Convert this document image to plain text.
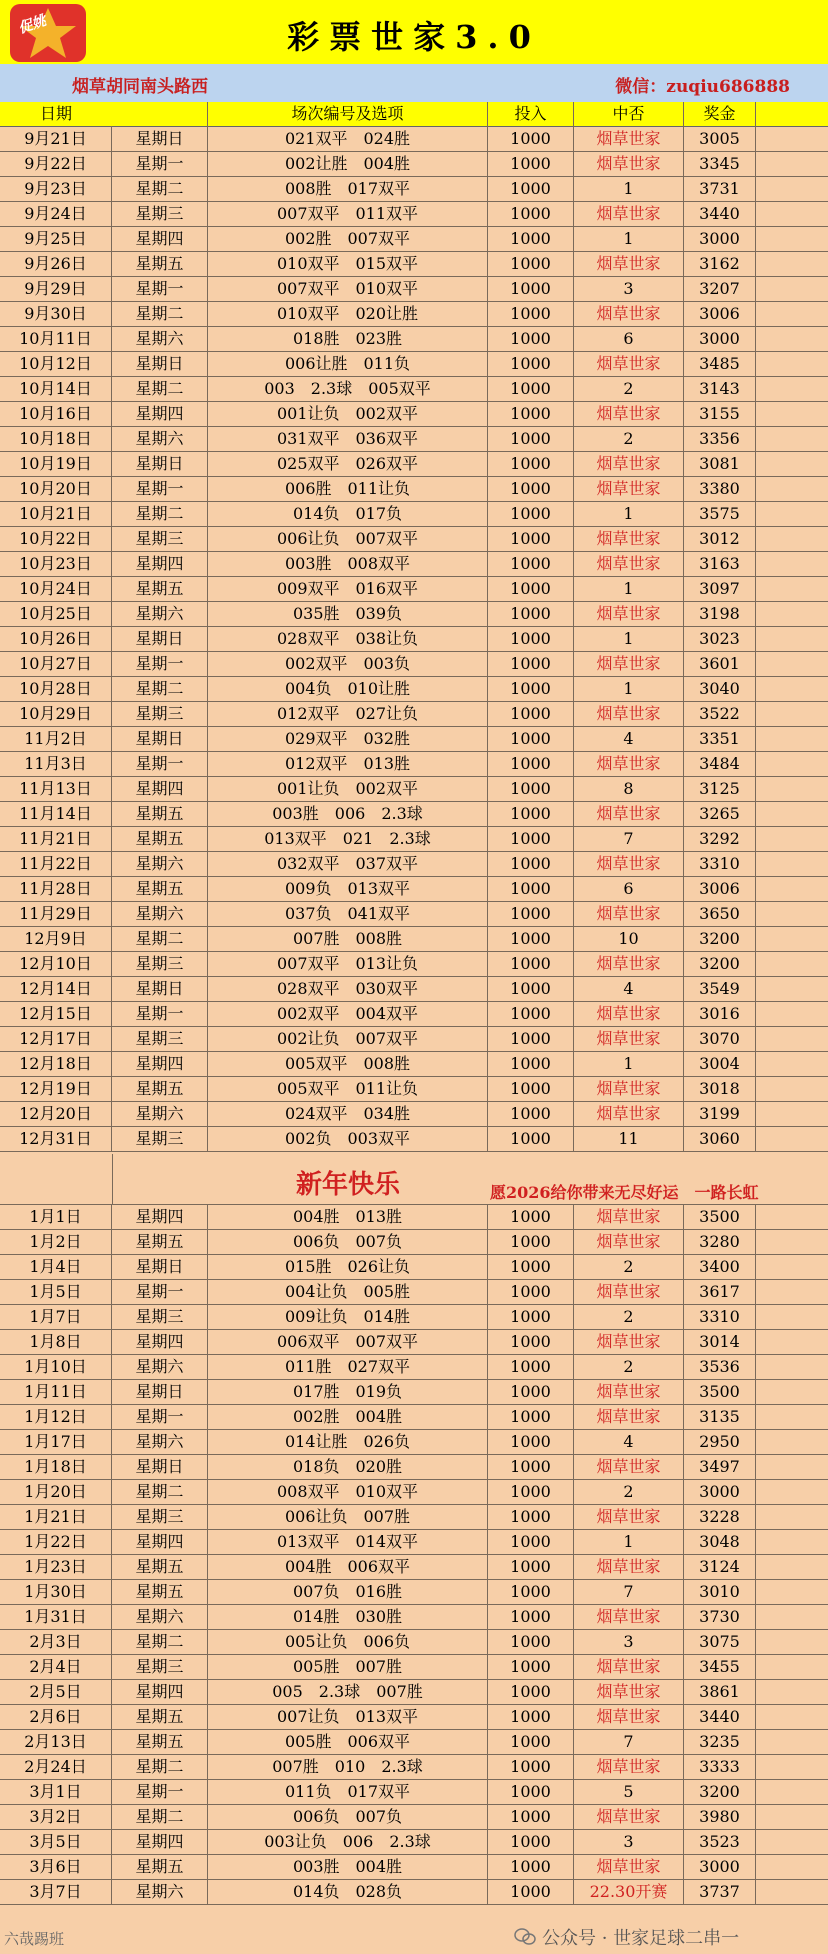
促姚	彩票世家3.0
烟草胡同南头路西	微信：zuqiu686888
日期	场次编号及选项	投入	中否	奖金
9月21日	星期日	021双平　024胜	1000	烟草世家	3005
9月22日	星期一	002让胜　004胜	1000	烟草世家	3345
9月23日	星期二	008胜　017双平	1000	1	3731
9月24日	星期三	007双平　011双平	1000	烟草世家	3440
9月25日	星期四	002胜　007双平	1000	1	3000
9月26日	星期五	010双平　015双平	1000	烟草世家	3162
9月29日	星期一	007双平　010双平	1000	3	3207
9月30日	星期二	010双平　020让胜	1000	烟草世家	3006
10月11日	星期六	018胜　023胜	1000	6	3000
10月12日	星期日	006让胜　011负	1000	烟草世家	3485
10月14日	星期二	003　2.3球　005双平	1000	2	3143
10月16日	星期四	001让负　002双平	1000	烟草世家	3155
10月18日	星期六	031双平　036双平	1000	2	3356
10月19日	星期日	025双平　026双平	1000	烟草世家	3081
10月20日	星期一	006胜　011让负	1000	烟草世家	3380
10月21日	星期二	014负　017负	1000	1	3575
10月22日	星期三	006让负　007双平	1000	烟草世家	3012
10月23日	星期四	003胜　008双平	1000	烟草世家	3163
10月24日	星期五	009双平　016双平	1000	1	3097
10月25日	星期六	035胜　039负	1000	烟草世家	3198
10月26日	星期日	028双平　038让负	1000	1	3023
10月27日	星期一	002双平　003负	1000	烟草世家	3601
10月28日	星期二	004负　010让胜	1000	1	3040
10月29日	星期三	012双平　027让负	1000	烟草世家	3522
11月2日	星期日	029双平　032胜	1000	4	3351
11月3日	星期一	012双平　013胜	1000	烟草世家	3484
11月13日	星期四	001让负　002双平	1000	8	3125
11月14日	星期五	003胜　006　2.3球	1000	烟草世家	3265
11月21日	星期五	013双平　021　2.3球	1000	7	3292
11月22日	星期六	032双平　037双平	1000	烟草世家	3310
11月28日	星期五	009负　013双平	1000	6	3006
11月29日	星期六	037负　041双平	1000	烟草世家	3650
12月9日	星期二	007胜　008胜	1000	10	3200
12月10日	星期三	007双平　013让负	1000	烟草世家	3200
12月14日	星期日	028双平　030双平	1000	4	3549
12月15日	星期一	002双平　004双平	1000	烟草世家	3016
12月17日	星期三	002让负　007双平	1000	烟草世家	3070
12月18日	星期四	005双平　008胜	1000	1	3004
12月19日	星期五	005双平　011让负	1000	烟草世家	3018
12月20日	星期六	024双平　034胜	1000	烟草世家	3199
12月31日	星期三	002负　003双平	1000	11	3060
新年快乐	愿2026给你带来无尽好运　一路长虹
1月1日	星期四	004胜　013胜	1000	烟草世家	3500
1月2日	星期五	006负　007负	1000	烟草世家	3280
1月4日	星期日	015胜　026让负	1000	2	3400
1月5日	星期一	004让负　005胜	1000	烟草世家	3617
1月7日	星期三	009让负　014胜	1000	2	3310
1月8日	星期四	006双平　007双平	1000	烟草世家	3014
1月10日	星期六	011胜　027双平	1000	2	3536
1月11日	星期日	017胜　019负	1000	烟草世家	3500
1月12日	星期一	002胜　004胜	1000	烟草世家	3135
1月17日	星期六	014让胜　026负	1000	4	2950
1月18日	星期日	018负　020胜	1000	烟草世家	3497
1月20日	星期二	008双平　010双平	1000	2	3000
1月21日	星期三	006让负　007胜	1000	烟草世家	3228
1月22日	星期四	013双平　014双平	1000	1	3048
1月23日	星期五	004胜　006双平	1000	烟草世家	3124
1月30日	星期五	007负　016胜	1000	7	3010
1月31日	星期六	014胜　030胜	1000	烟草世家	3730
2月3日	星期二	005让负　006负	1000	3	3075
2月4日	星期三	005胜　007胜	1000	烟草世家	3455
2月5日	星期四	005　2.3球　007胜	1000	烟草世家	3861
2月6日	星期五	007让负　013双平	1000	烟草世家	3440
2月13日	星期五	005胜　006双平	1000	7	3235
2月24日	星期二	007胜　010　2.3球	1000	烟草世家	3333
3月1日	星期一	011负　017双平	1000	5	3200
3月2日	星期二	006负　007负	1000	烟草世家	3980
3月5日	星期四	003让负　006　2.3球	1000	3	3523
3月6日	星期五	003胜　004胜	1000	烟草世家	3000
3月7日	星期六	014负　028负	1000	22.30开赛	3737
六哉踢班	公众号 · 世家足球二串一
